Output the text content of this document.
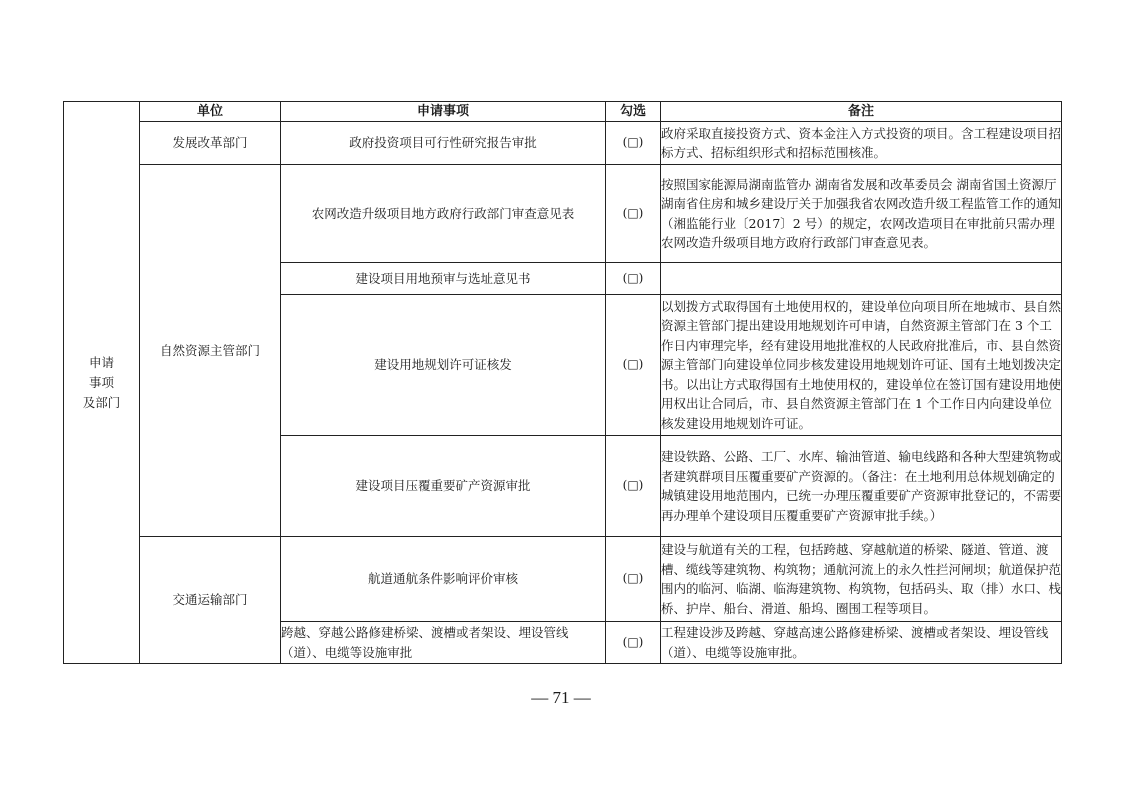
申请
事项
及部门	单位	申请事项	勾选	备注
	发展改革部门	政府投资项目可行性研究报告审批	(□)	政府采取直接投资方式、资本金注入方式投资的项目。含工程建设项目招标方式、招标组织形式和招标范围核准。
	自然资源主管部门	农网改造升级项目地方政府行政部门审查意见表	(□)	按照国家能源局湖南监管办 湖南省发展和改革委员会 湖南省国土资源厅 湖南省住房和城乡建设厅关于加强我省农网改造升级工程监管工作的通知（湘监能行业〔2017〕2 号）的规定，农网改造项目在审批前只需办理农网改造升级项目地方政府行政部门审查意见表。
		建设项目用地预审与选址意见书	(□)	
		建设用地规划许可证核发	(□)	以划拨方式取得国有土地使用权的，建设单位向项目所在地城市、县自然资源主管部门提出建设用地规划许可申请，自然资源主管部门在 3 个工作日内审理完毕，经有建设用地批准权的人民政府批准后，市、县自然资源主管部门向建设单位同步核发建设用地规划许可证、国有土地划拨决定书。以出让方式取得国有土地使用权的，建设单位在签订国有建设用地使用权出让合同后，市、县自然资源主管部门在 1 个工作日内向建设单位核发建设用地规划许可证。
		建设项目压覆重要矿产资源审批	(□)	建设铁路、公路、工厂、水库、输油管道、输电线路和各种大型建筑物或者建筑群项目压覆重要矿产资源的。（备注：在土地利用总体规划确定的城镇建设用地范围内，已统一办理压覆重要矿产资源审批登记的，不需要再办理单个建设项目压覆重要矿产资源审批手续。）
	交通运输部门	航道通航条件影响评价审核	(□)	建设与航道有关的工程，包括跨越、穿越航道的桥梁、隧道、管道、渡槽、缆线等建筑物、构筑物；通航河流上的永久性拦河闸坝；航道保护范围内的临河、临湖、临海建筑物、构筑物，包括码头、取（排）水口、栈桥、护岸、船台、滑道、船坞、圈围工程等项目。
		跨越、穿越公路修建桥梁、渡槽或者架设、埋设管线（道）、电缆等设施审批	(□)	工程建设涉及跨越、穿越高速公路修建桥梁、渡槽或者架设、埋设管线（道）、电缆等设施审批。
— 71 —
